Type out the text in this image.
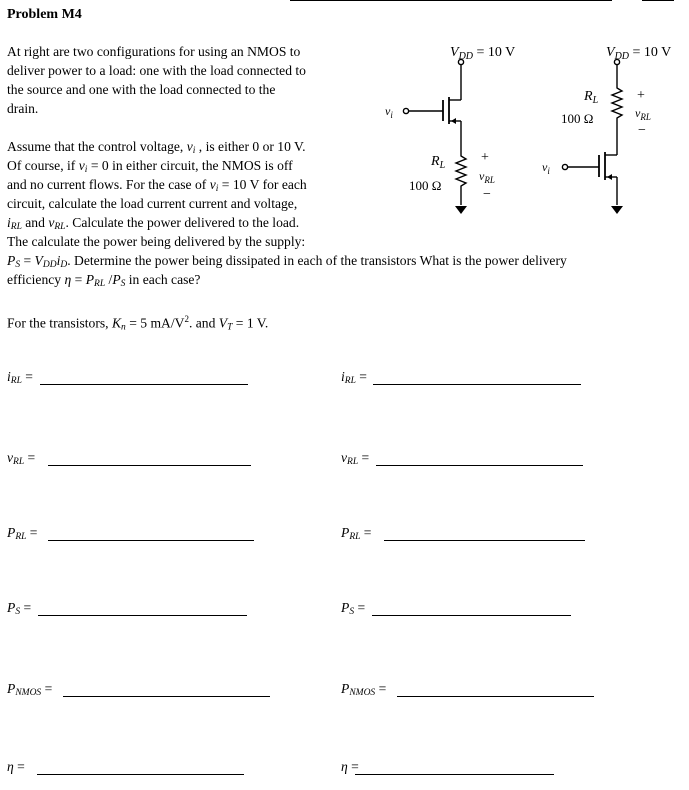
Problem M4
At right are two configurations for using an NMOS to
deliver power to a load: one with the load connected to
the source and one with the load connected to the
drain.
Assume that the control voltage, $v_i$ , is either 0 or 10 V.
Of course, if $v_i = 0$ in either circuit, the NMOS is off
and no current flows. For the case of $v_i = 10$ V for each
circuit, calculate the load current current and voltage,
$i_{RL}$ and $v_{RL}$. Calculate the power delivered to the load.
The calculate the power being delivered by the supply:
$P_S = V_{DD}i_D$. Determine the power being dissipated in each of the transistors What is the power delivery
efficiency $\eta = P_{RL}$ $/P_S$ in each case?
For the transistors, $K_n = 5$ $mA/V^2$. and $V_T = 1$ V.
$V_{DD} = 10$ V
$v_i$
$R_L$
100 Ω
+
$v_{RL}$
−
$V_{DD} = 10$ V
$R_L$
100 Ω
+
$v_{RL}$
−
$v_i$
$i_{RL}$ =
$v_{RL}$ =
$P_{RL}$ =
$P_S$ =
$P_{NMOS}$ =
η =
$i_{RL}$ =
$v_{RL}$ =
$P_{RL}$ =
$P_S$ =
$P_{NMOS}$ =
η =
